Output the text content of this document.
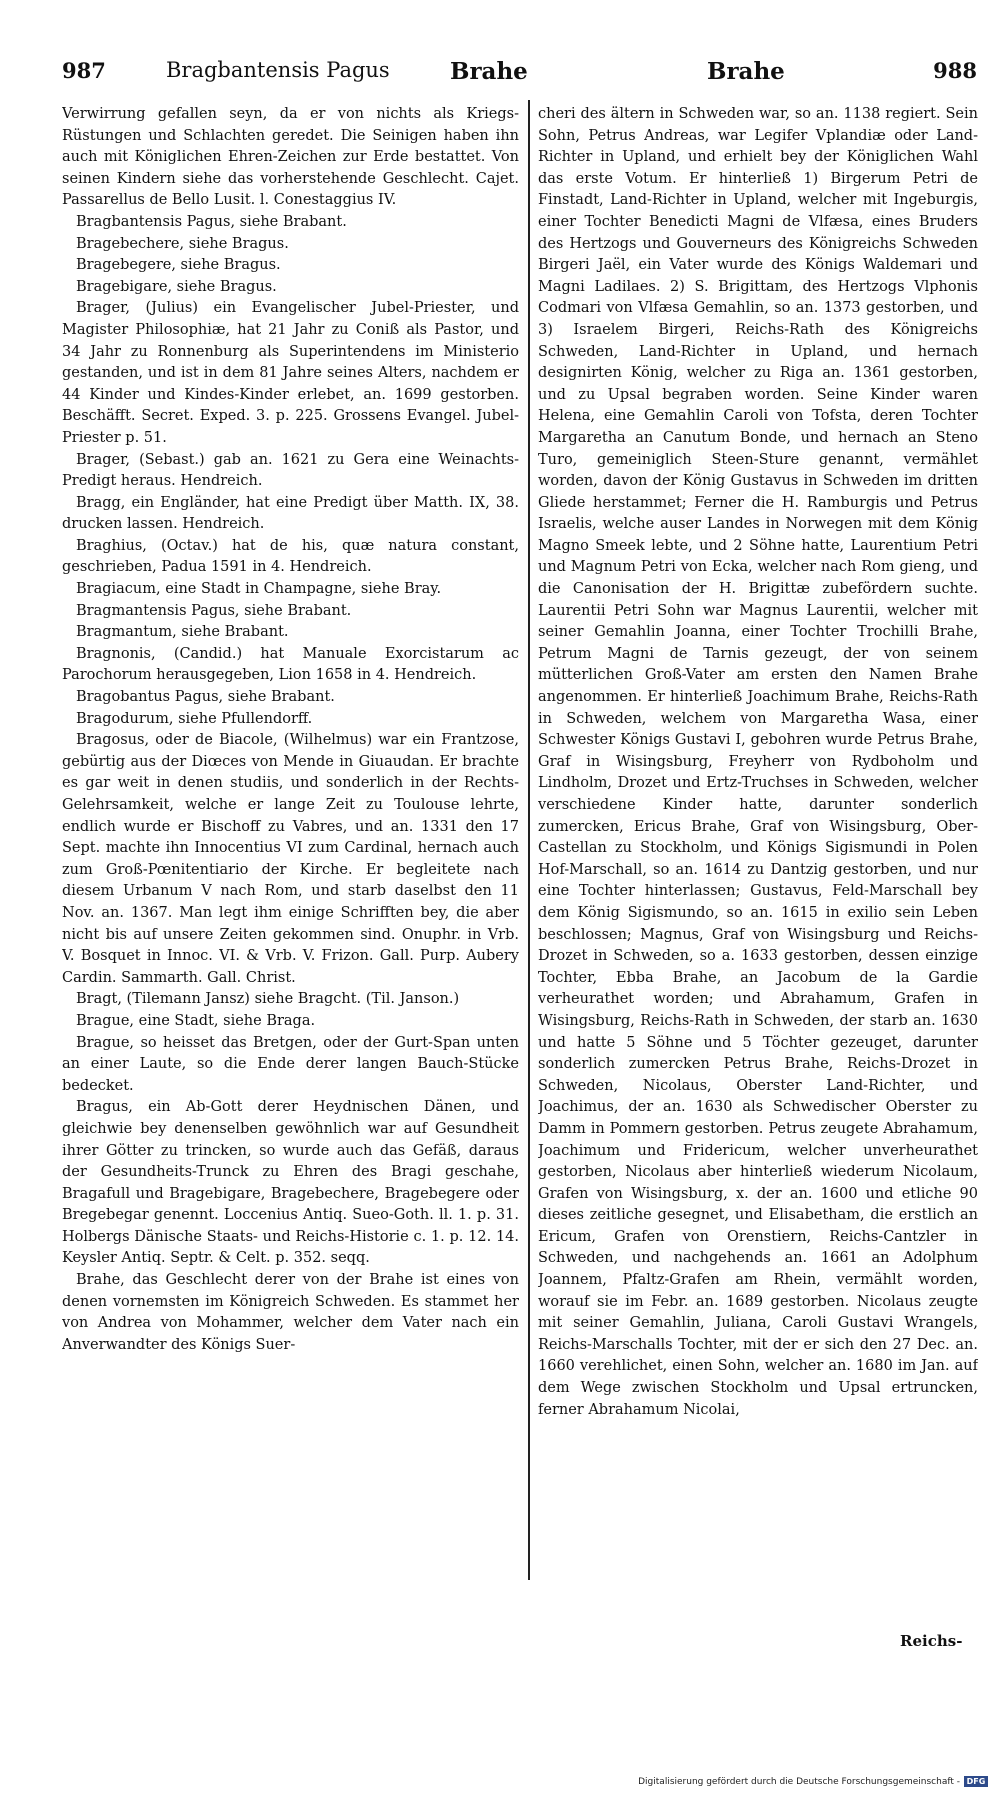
987	Bragbantensis Pagus	Brahe	Brahe	988

Verwirrung gefallen seyn, da er von nichts als Kriegs-Rüstungen und Schlachten geredet. Die Seinigen haben ihn auch mit Königlichen Ehren-Zeichen zur Erde bestattet. Von seinen Kindern siehe das vorherstehende Geschlecht. Cajet. Passarellus de Bello Lusit. l. Conestaggius IV.

Bragbantensis Pagus, siehe Brabant.

Bragebechere, siehe Bragus.

Bragebegere, siehe Bragus.

Bragebigare, siehe Bragus.

Brager, (Julius) ein Evangelischer Jubel-Priester, und Magister Philosophiæ, hat 21 Jahr zu Coniß als Pastor, und 34 Jahr zu Ronnenburg als Superintendens im Ministerio gestanden, und ist in dem 81 Jahre seines Alters, nachdem er 44 Kinder und Kindes-Kinder erlebet, an. 1699 gestorben. Beschäfft. Secret. Exped. 3. p. 225. Grossens Evangel. Jubel-Priester p. 51.

Brager, (Sebast.) gab an. 1621 zu Gera eine Weinachts-Predigt heraus. Hendreich.

Bragg, ein Engländer, hat eine Predigt über Matth. IX, 38. drucken lassen. Hendreich.

Braghius, (Octav.) hat de his, quæ natura constant, geschrieben, Padua 1591 in 4. Hendreich.

Bragiacum, eine Stadt in Champagne, siehe Bray.

Bragmantensis Pagus, siehe Brabant.

Bragmantum, siehe Brabant.

Bragnonis, (Candid.) hat Manuale Exorcistarum ac Parochorum herausgegeben, Lion 1658 in 4. Hendreich.

Bragobantus Pagus, siehe Brabant.

Bragodurum, siehe Pfullendorff.

Bragosus, oder de Biacole, (Wilhelmus) war ein Frantzose, gebürtig aus der Diœces von Mende in Giuaudan. Er brachte es gar weit in denen studiis, und sonderlich in der Rechts-Gelehrsamkeit, welche er lange Zeit zu Toulouse lehrte, endlich wurde er Bischoff zu Vabres, und an. 1331 den 17 Sept. machte ihn Innocentius VI zum Cardinal, hernach auch zum Groß-Pœnitentiario der Kirche. Er begleitete nach diesem Urbanum V nach Rom, und starb daselbst den 11 Nov. an. 1367. Man legt ihm einige Schrifften bey, die aber nicht bis auf unsere Zeiten gekommen sind. Onuphr. in Vrb. V. Bosquet in Innoc. VI. & Vrb. V. Frizon. Gall. Purp. Aubery Cardin. Sammarth. Gall. Christ.

Bragt, (Tilemann Jansz) siehe Bragcht. (Til. Janson.)

Brague, eine Stadt, siehe Braga.

Brague, so heisset das Bretgen, oder der Gurt-Span unten an einer Laute, so die Ende derer langen Bauch-Stücke bedecket.

Bragus, ein Ab-Gott derer Heydnischen Dänen, und gleichwie bey denenselben gewöhnlich war auf Gesundheit ihrer Götter zu trincken, so wurde auch das Gefäß, daraus der Gesundheits-Trunck zu Ehren des Bragi geschahe, Bragafull und Bragebigare, Bragebechere, Bragebegere oder Bregebegar genennt. Loccenius Antiq. Sueo-Goth. ll. 1. p. 31. Holbergs Dänische Staats- und Reichs-Historie c. 1. p. 12. 14. Keysler Antiq. Septr. & Celt. p. 352. seqq.

Brahe, das Geschlecht derer von der Brahe ist eines von denen vornemsten im Königreich Schweden. Es stammet her von Andrea von Mohammer, welcher dem Vater nach ein Anverwandter des Königs Suer-

cheri des ältern in Schweden war, so an. 1138 regiert. Sein Sohn, Petrus Andreas, war Legifer Vplandiæ oder Land-Richter in Upland, und erhielt bey der Königlichen Wahl das erste Votum. Er hinterließ 1) Birgerum Petri de Finstadt, Land-Richter in Upland, welcher mit Ingeburgis, einer Tochter Benedicti Magni de Vlfæsa, eines Bruders des Hertzogs und Gouverneurs des Königreichs Schweden Birgeri Jaël, ein Vater wurde des Königs Waldemari und Magni Ladilaes. 2) S. Brigittam, des Hertzogs Vlphonis Codmari von Vlfæsa Gemahlin, so an. 1373 gestorben, und 3) Israelem Birgeri, Reichs-Rath des Königreichs Schweden, Land-Richter in Upland, und hernach designirten König, welcher zu Riga an. 1361 gestorben, und zu Upsal begraben worden. Seine Kinder waren Helena, eine Gemahlin Caroli von Tofsta, deren Tochter Margaretha an Canutum Bonde, und hernach an Steno Turo, gemeiniglich Steen-Sture genannt, vermählet worden, davon der König Gustavus in Schweden im dritten Gliede herstammet; Ferner die H. Ramburgis und Petrus Israelis, welche auser Landes in Norwegen mit dem König Magno Smeek lebte, und 2 Söhne hatte, Laurentium Petri und Magnum Petri von Ecka, welcher nach Rom gieng, und die Canonisation der H. Brigittæ zubefördern suchte. Laurentii Petri Sohn war Magnus Laurentii, welcher mit seiner Gemahlin Joanna, einer Tochter Trochilli Brahe, Petrum Magni de Tarnis gezeugt, der von seinem mütterlichen Groß-Vater am ersten den Namen Brahe angenommen. Er hinterließ Joachimum Brahe, Reichs-Rath in Schweden, welchem von Margaretha Wasa, einer Schwester Königs Gustavi I, gebohren wurde Petrus Brahe, Graf in Wisingsburg, Freyherr von Rydboholm und Lindholm, Drozet und Ertz-Truchses in Schweden, welcher verschiedene Kinder hatte, darunter sonderlich zumercken, Ericus Brahe, Graf von Wisingsburg, Ober-Castellan zu Stockholm, und Königs Sigismundi in Polen Hof-Marschall, so an. 1614 zu Dantzig gestorben, und nur eine Tochter hinterlassen; Gustavus, Feld-Marschall bey dem König Sigismundo, so an. 1615 in exilio sein Leben beschlossen; Magnus, Graf von Wisingsburg und Reichs-Drozet in Schweden, so a. 1633 gestorben, dessen einzige Tochter, Ebba Brahe, an Jacobum de la Gardie verheurathet worden; und Abrahamum, Grafen in Wisingsburg, Reichs-Rath in Schweden, der starb an. 1630 und hatte 5 Söhne und 5 Töchter gezeuget, darunter sonderlich zumercken Petrus Brahe, Reichs-Drozet in Schweden, Nicolaus, Oberster Land-Richter, und Joachimus, der an. 1630 als Schwedischer Oberster zu Damm in Pommern gestorben. Petrus zeugete Abrahamum, Joachimum und Fridericum, welcher unverheurathet gestorben, Nicolaus aber hinterließ wiederum Nicolaum, Grafen von Wisingsburg, x. der an. 1600 und etliche 90 dieses zeitliche gesegnet, und Elisabetham, die erstlich an Ericum, Grafen von Orenstiern, Reichs-Cantzler in Schweden, und nachgehends an. 1661 an Adolphum Joannem, Pfaltz-Grafen am Rhein, vermählt worden, worauf sie im Febr. an. 1689 gestorben. Nicolaus zeugte mit seiner Gemahlin, Juliana, Caroli Gustavi Wrangels, Reichs-Marschalls Tochter, mit der er sich den 27 Dec. an. 1660 verehlichet, einen Sohn, welcher an. 1680 im Jan. auf dem Wege zwischen Stockholm und Upsal ertruncken, ferner Abrahamum Nicolai,

Reichs-
Digitalisierung gefördert durch die Deutsche Forschungsgemeinschaft - DFG
